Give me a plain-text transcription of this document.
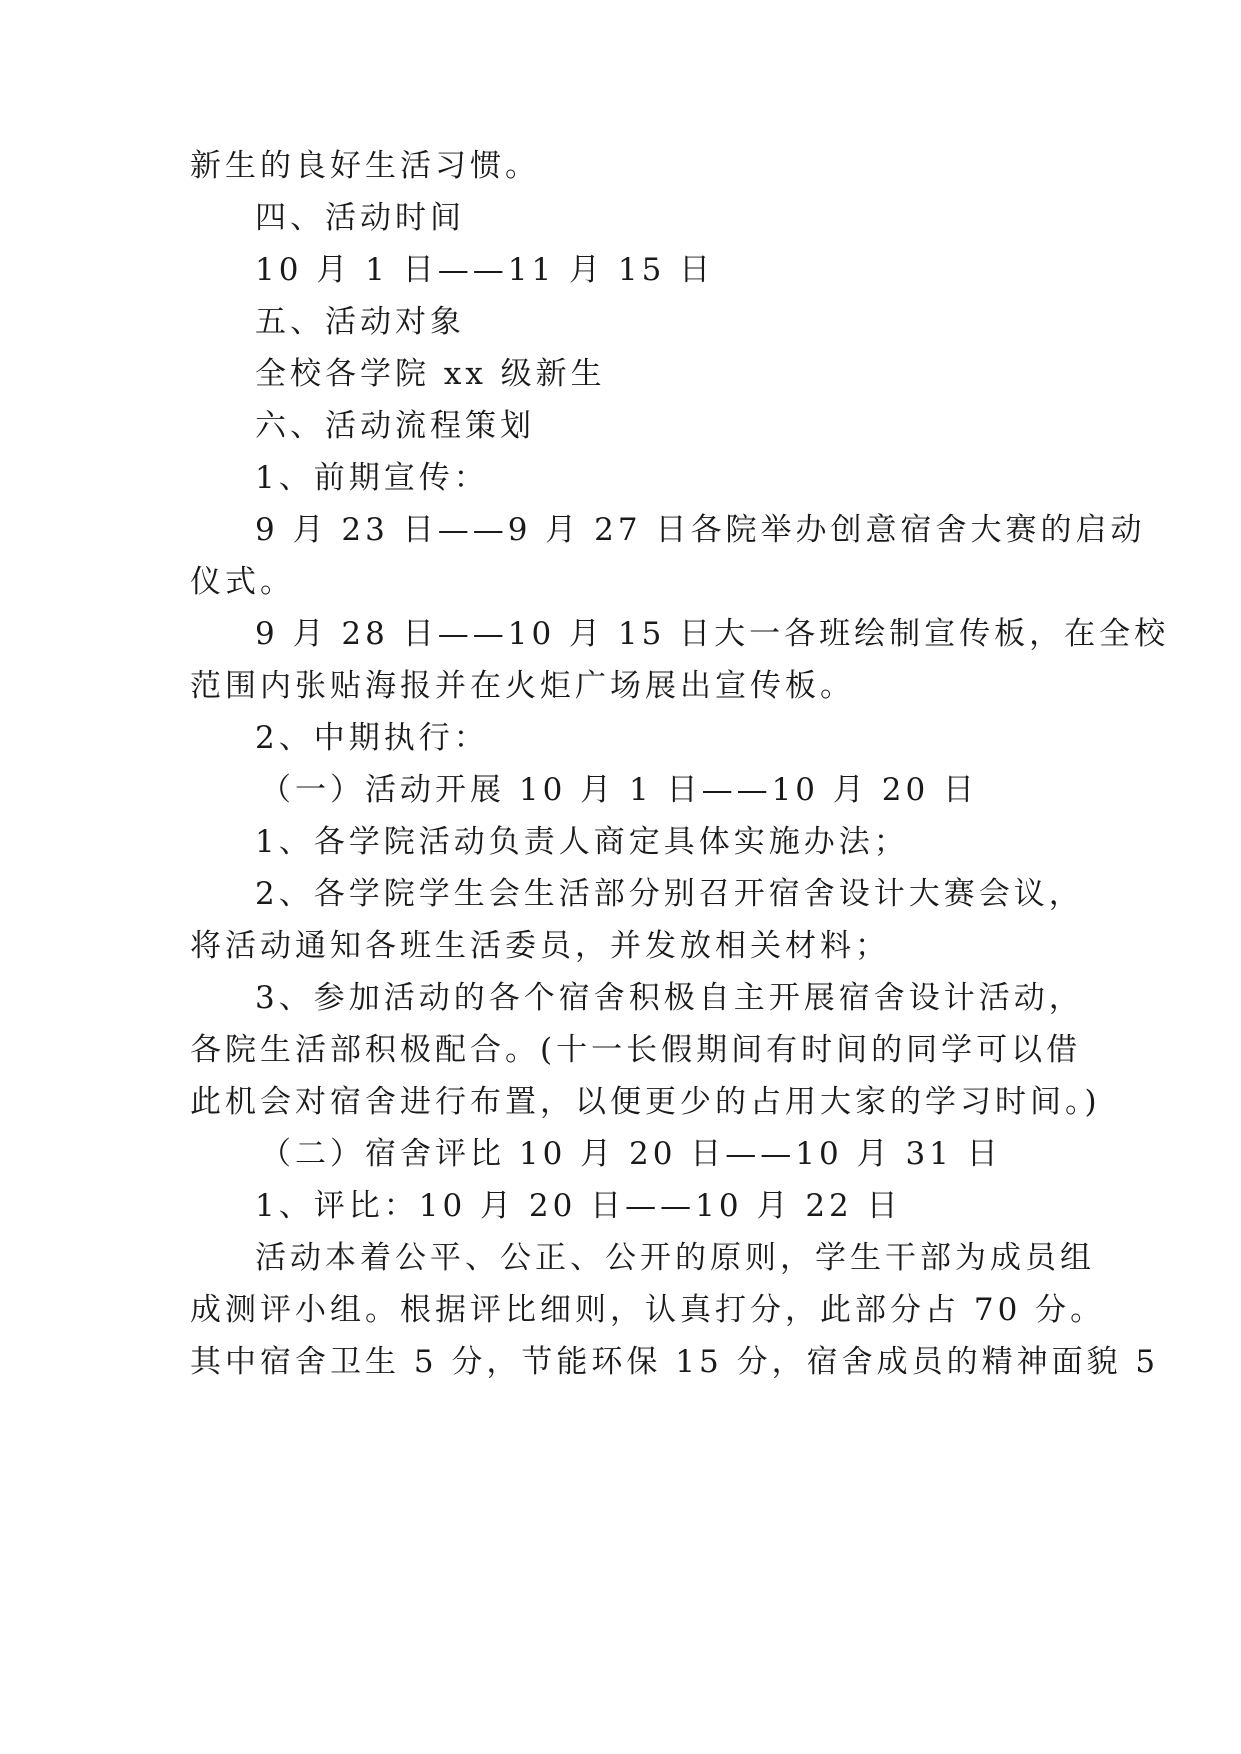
新生的良好生活习惯。
四、活动时间
10 月 1 日——11 月 15 日
五、活动对象
全校各学院 xx 级新生
六、活动流程策划
1、前期宣传：
9 月 23 日——9 月 27 日各院举办创意宿舍大赛的启动
仪式。
9 月 28 日——10 月 15 日大一各班绘制宣传板，在全校
范围内张贴海报并在火炬广场展出宣传板。
2、中期执行：
（一）活动开展 10 月 1 日——10 月 20 日
1、各学院活动负责人商定具体实施办法；
2、各学院学生会生活部分别召开宿舍设计大赛会议，
将活动通知各班生活委员，并发放相关材料；
3、参加活动的各个宿舍积极自主开展宿舍设计活动，
各院生活部积极配合。(十一长假期间有时间的同学可以借
此机会对宿舍进行布置，以便更少的占用大家的学习时间。)
（二）宿舍评比 10 月 20 日——10 月 31 日
1、评比：10 月 20 日——10 月 22 日
活动本着公平、公正、公开的原则，学生干部为成员组
成测评小组。根据评比细则，认真打分，此部分占 70 分。
其中宿舍卫生 5 分，节能环保 15 分，宿舍成员的精神面貌 5
